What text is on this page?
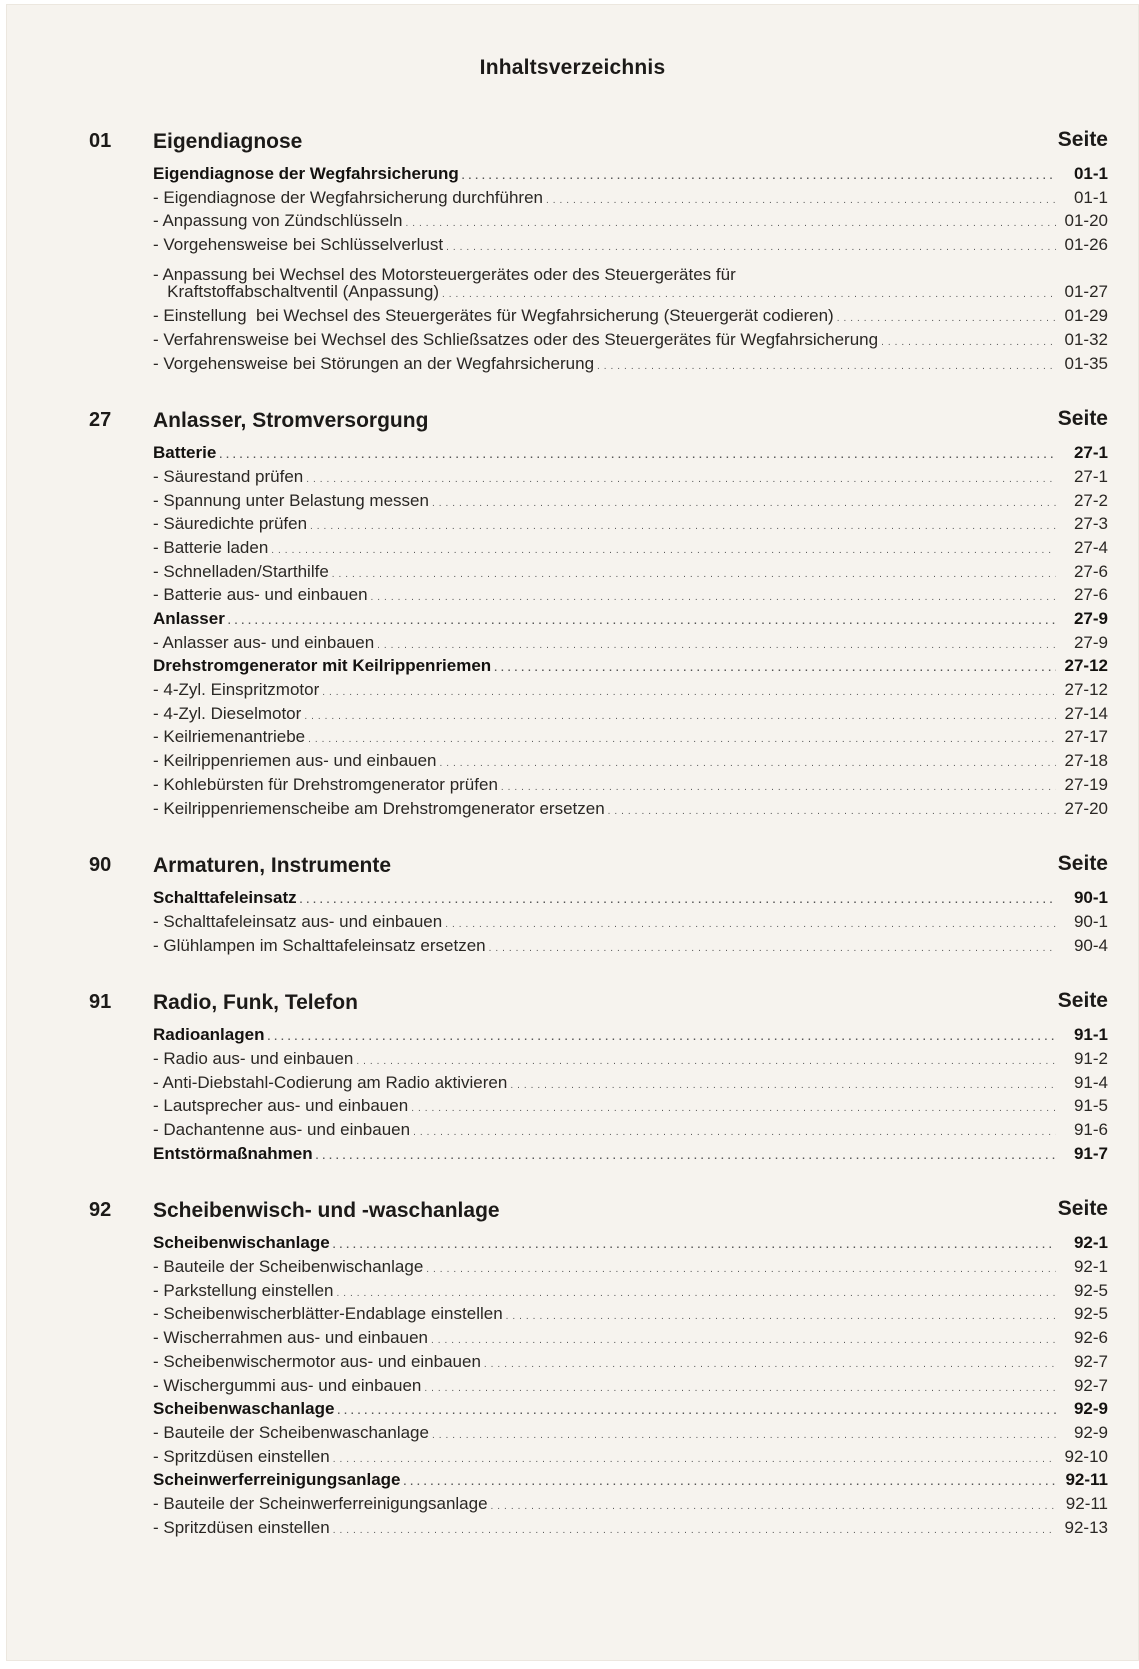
Inhaltsverzeichnis
01 Eigendiagnose	Seite
Eigendiagnose der Wegfahrsicherung . . .	01-1
- Eigendiagnose der Wegfahrsicherung durchführen . . .	01-1
- Anpassung von Zündschlüsseln . . .	01-20
- Vorgehensweise bei Schlüsselverlust . . .	01-26
- Anpassung bei Wechsel des Motorsteuergerätes oder des Steuergerätes für
Kraftstoffabschaltventil (Anpassung) . . .	01-27
- Einstellung  bei Wechsel des Steuergerätes für Wegfahrsicherung (Steuergerät codieren) . . .	01-29
- Verfahrensweise bei Wechsel des Schließsatzes oder des Steuergerätes für Wegfahrsicherung . . .	01-32
- Vorgehensweise bei Störungen an der Wegfahrsicherung . . .	01-35
27 Anlasser, Stromversorgung	Seite
Batterie . . .	27-1
- Säurestand prüfen . . .	27-1
- Spannung unter Belastung messen . . .	27-2
- Säuredichte prüfen . . .	27-3
- Batterie laden . . .	27-4
- Schnelladen/Starthilfe . . .	27-6
- Batterie aus- und einbauen . . .	27-6
Anlasser . . .	27-9
- Anlasser aus- und einbauen . . .	27-9
Drehstromgenerator mit Keilrippenriemen . . .	27-12
- 4-Zyl. Einspritzmotor . . .	27-12
- 4-Zyl. Dieselmotor . . .	27-14
- Keilriemenantriebe . . .	27-17
- Keilrippenriemen aus- und einbauen . . .	27-18
- Kohlebürsten für Drehstromgenerator prüfen . . .	27-19
- Keilrippenriemenscheibe am Drehstromgenerator ersetzen . . .	27-20
90 Armaturen, Instrumente	Seite
Schalttafeleinsatz . . .	90-1
- Schalttafeleinsatz aus- und einbauen . . .	90-1
- Glühlampen im Schalttafeleinsatz ersetzen . . .	90-4
91 Radio, Funk, Telefon	Seite
Radioanlagen . . .	91-1
- Radio aus- und einbauen . . .	91-2
- Anti-Diebstahl-Codierung am Radio aktivieren . . .	91-4
- Lautsprecher aus- und einbauen . . .	91-5
- Dachantenne aus- und einbauen . . .	91-6
Entstörmaßnahmen . . .	91-7
92 Scheibenwisch- und -waschanlage	Seite
Scheibenwischanlage . . .	92-1
- Bauteile der Scheibenwischanlage . . .	92-1
- Parkstellung einstellen . . .	92-5
- Scheibenwischerblätter-Endablage einstellen . . .	92-5
- Wischerrahmen aus- und einbauen . . .	92-6
- Scheibenwischermotor aus- und einbauen . . .	92-7
- Wischergummi aus- und einbauen . . .	92-7
Scheibenwaschanlage . . .	92-9
- Bauteile der Scheibenwaschanlage . . .	92-9
- Spritzdüsen einstellen . . .	92-10
Scheinwerferreinigungsanlage . . .	92-11
- Bauteile der Scheinwerferreinigungsanlage . . .	92-11
- Spritzdüsen einstellen . . .	92-13
